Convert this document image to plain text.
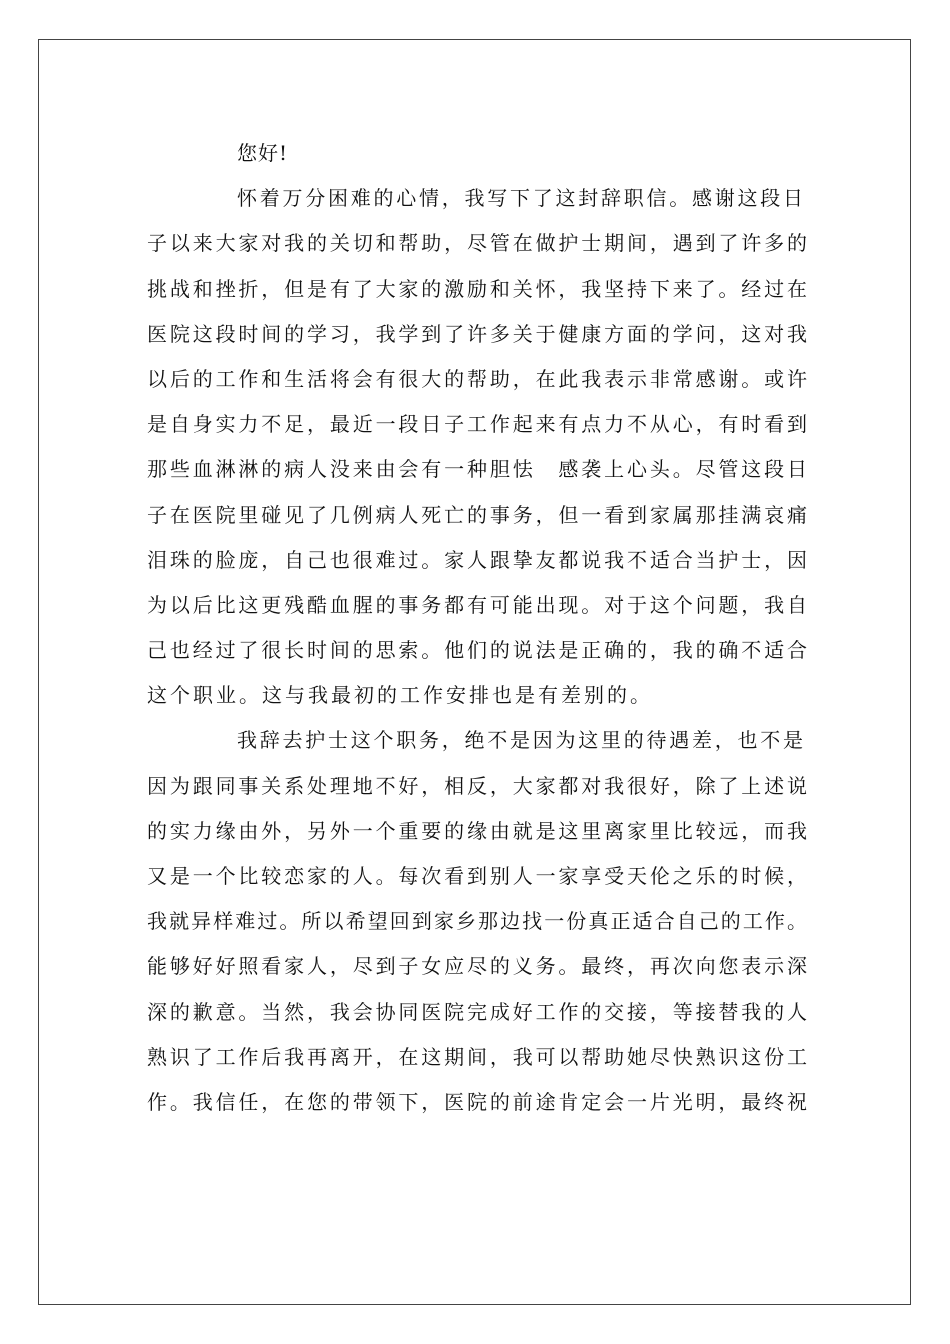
您好!
怀着万分困难的心情，我写下了这封辞职信。感谢这段日
子以来大家对我的关切和帮助，尽管在做护士期间，遇到了许多的
挑战和挫折，但是有了大家的激励和关怀，我坚持下来了。经过在
医院这段时间的学习，我学到了许多关于健康方面的学问，这对我
以后的工作和生活将会有很大的帮助，在此我表示非常感谢。或许
是自身实力不足，最近一段日子工作起来有点力不从心，有时看到
那些血淋淋的病人没来由会有一种胆怯　感袭上心头。尽管这段日
子在医院里碰见了几例病人死亡的事务，但一看到家属那挂满哀痛
泪珠的脸庞，自己也很难过。家人跟挚友都说我不适合当护士，因
为以后比这更残酷血腥的事务都有可能出现。对于这个问题，我自
己也经过了很长时间的思索。他们的说法是正确的，我的确不适合
这个职业。这与我最初的工作安排也是有差别的。
我辞去护士这个职务，绝不是因为这里的待遇差，也不是
因为跟同事关系处理地不好，相反，大家都对我很好，除了上述说
的实力缘由外，另外一个重要的缘由就是这里离家里比较远，而我
又是一个比较恋家的人。每次看到别人一家享受天伦之乐的时候，
我就异样难过。所以希望回到家乡那边找一份真正适合自己的工作。
能够好好照看家人，尽到子女应尽的义务。最终，再次向您表示深
深的歉意。当然，我会协同医院完成好工作的交接，等接替我的人
熟识了工作后我再离开，在这期间，我可以帮助她尽快熟识这份工
作。我信任，在您的带领下，医院的前途肯定会一片光明，最终祝
